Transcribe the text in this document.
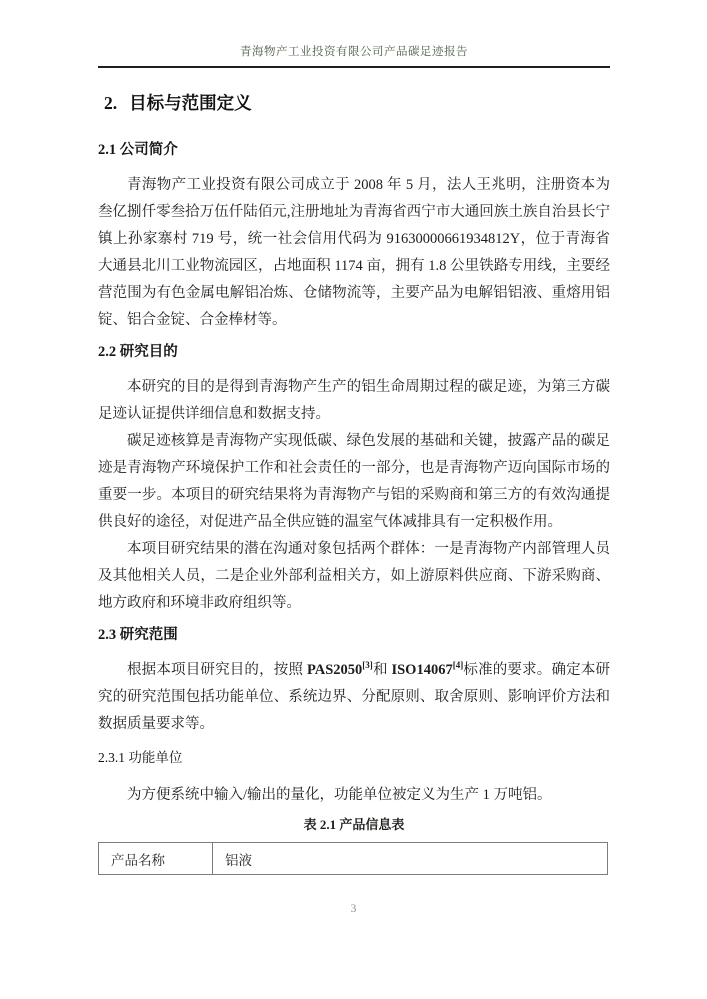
青海物产工业投资有限公司产品碳足迹报告
2. 目标与范围定义
2.1 公司简介

青海物产工业投资有限公司成立于 2008 年 5 月，法人王兆明，注册资本为叁亿捌仟零叁拾万伍仟陆佰元,注册地址为青海省西宁市大通回族土族自治县长宁镇上孙家寨村 719 号，统一社会信用代码为 91630000661934812Y，位于青海省大通县北川工业物流园区，占地面积 1174 亩，拥有 1.8 公里铁路专用线，主要经营范围为有色金属电解铝冶炼、仓储物流等，主要产品为电解铝铝液、重熔用铝锭、铝合金锭、合金棒材等。

2.2 研究目的

本研究的目的是得到青海物产生产的铝生命周期过程的碳足迹，为第三方碳足迹认证提供详细信息和数据支持。

碳足迹核算是青海物产实现低碳、绿色发展的基础和关键，披露产品的碳足迹是青海物产环境保护工作和社会责任的一部分，也是青海物产迈向国际市场的重要一步。本项目的研究结果将为青海物产与铝的采购商和第三方的有效沟通提供良好的途径，对促进产品全供应链的温室气体减排具有一定积极作用。

本项目研究结果的潜在沟通对象包括两个群体：一是青海物产内部管理人员及其他相关人员，二是企业外部利益相关方，如上游原料供应商、下游采购商、地方政府和环境非政府组织等。

2.3 研究范围

根据本项目研究目的，按照 PAS2050[3]和 ISO14067[4]标准的要求。确定本研究的研究范围包括功能单位、系统边界、分配原则、取舍原则、影响评价方法和数据质量要求等。

2.3.1 功能单位

为方便系统中输入/输出的量化，功能单位被定义为生产 1 万吨铝。

表 2.1 产品信息表
产品名称	铝液
3
